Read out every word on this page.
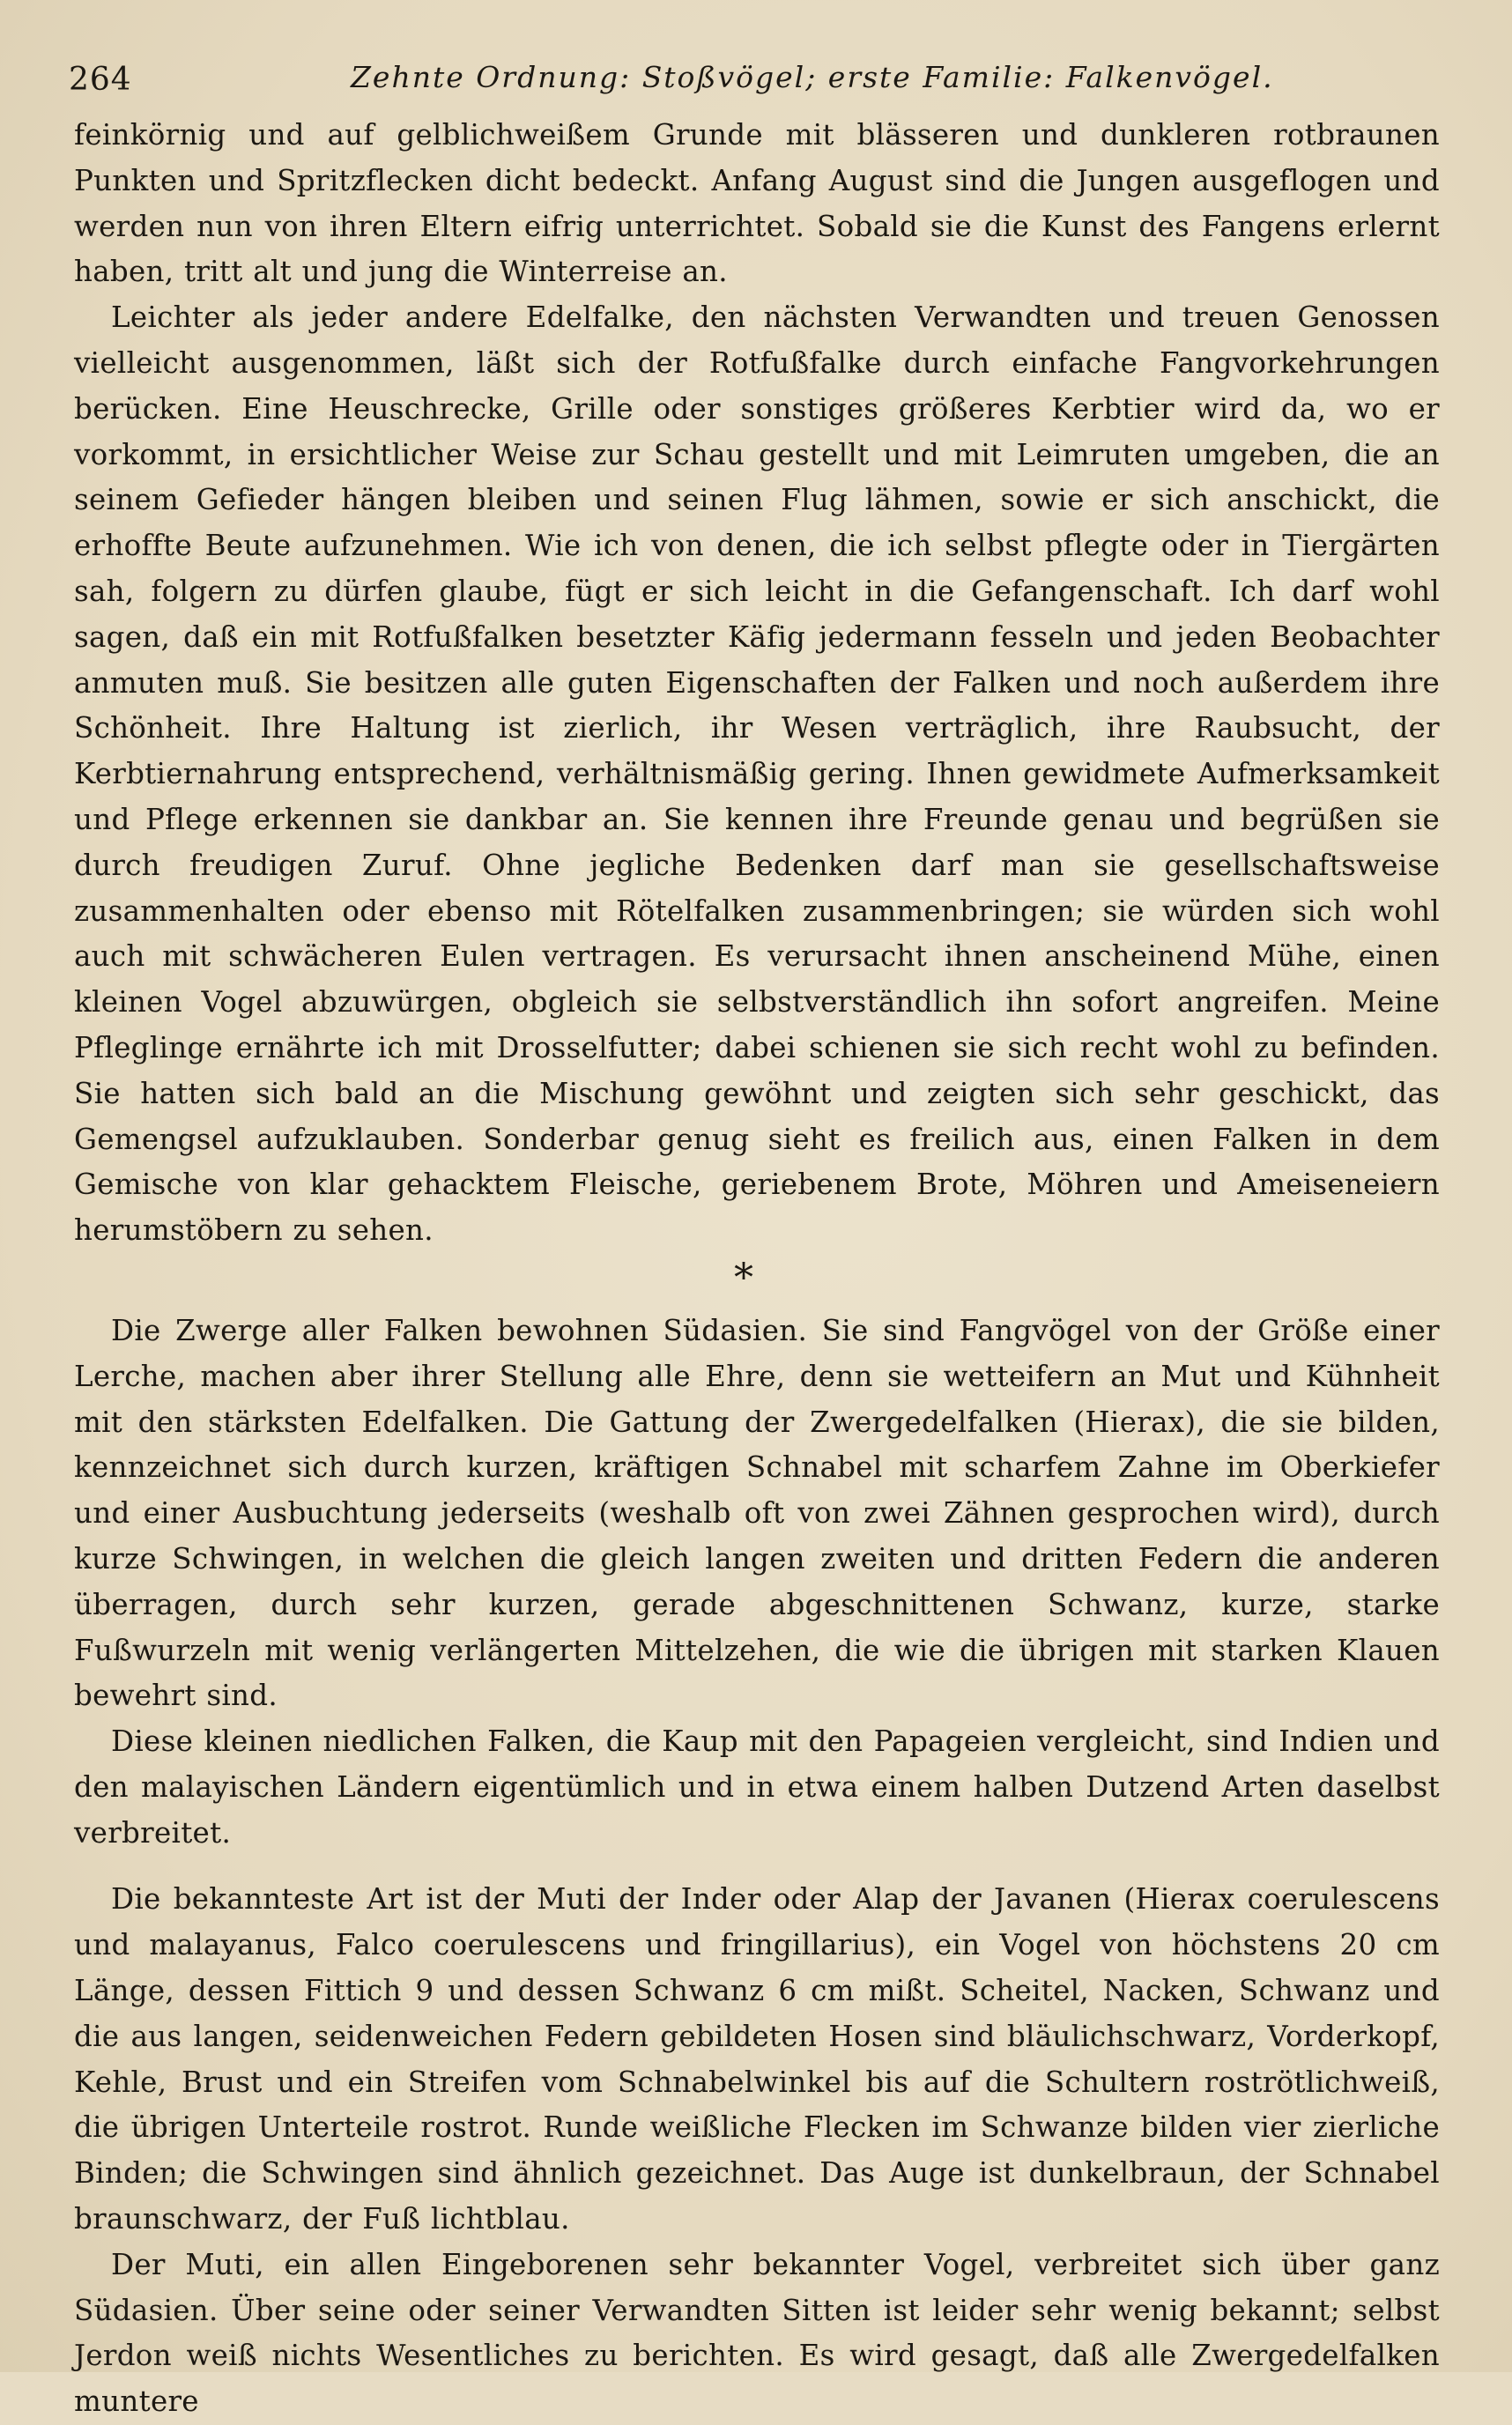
264	Zehnte Ordnung: Stoßvögel; erste Familie: Falkenvögel.

feinkörnig und auf gelblichweißem Grunde mit blässeren und dunkleren rotbraunen Punkten und Spritzflecken dicht bedeckt. Anfang August sind die Jungen ausgeflogen und werden nun von ihren Eltern eifrig unterrichtet. Sobald sie die Kunst des Fangens erlernt haben, tritt alt und jung die Winterreise an.

Leichter als jeder andere Edelfalke, den nächsten Verwandten und treuen Genossen vielleicht ausgenommen, läßt sich der Rotfußfalke durch einfache Fangvorkehrungen berücken. Eine Heuschrecke, Grille oder sonstiges größeres Kerbtier wird da, wo er vorkommt, in ersichtlicher Weise zur Schau gestellt und mit Leimruten umgeben, die an seinem Gefieder hängen bleiben und seinen Flug lähmen, sowie er sich anschickt, die erhoffte Beute aufzunehmen. Wie ich von denen, die ich selbst pflegte oder in Tiergärten sah, folgern zu dürfen glaube, fügt er sich leicht in die Gefangenschaft. Ich darf wohl sagen, daß ein mit Rotfußfalken besetzter Käfig jedermann fesseln und jeden Beobachter anmuten muß. Sie besitzen alle guten Eigenschaften der Falken und noch außerdem ihre Schönheit. Ihre Haltung ist zierlich, ihr Wesen verträglich, ihre Raubsucht, der Kerbtiernahrung entsprechend, verhältnismäßig gering. Ihnen gewidmete Aufmerksamkeit und Pflege erkennen sie dankbar an. Sie kennen ihre Freunde genau und begrüßen sie durch freudigen Zuruf. Ohne jegliche Bedenken darf man sie gesellschaftsweise zusammenhalten oder ebenso mit Rötelfalken zusammenbringen; sie würden sich wohl auch mit schwächeren Eulen vertragen. Es verursacht ihnen anscheinend Mühe, einen kleinen Vogel abzuwürgen, obgleich sie selbstverständlich ihn sofort angreifen. Meine Pfleglinge ernährte ich mit Drosselfutter; dabei schienen sie sich recht wohl zu befinden. Sie hatten sich bald an die Mischung gewöhnt und zeigten sich sehr geschickt, das Gemengsel aufzuklauben. Sonderbar genug sieht es freilich aus, einen Falken in dem Gemische von klar gehacktem Fleische, geriebenem Brote, Möhren und Ameiseneiern herumstöbern zu sehen.

*

Die Zwerge aller Falken bewohnen Südasien. Sie sind Fangvögel von der Größe einer Lerche, machen aber ihrer Stellung alle Ehre, denn sie wetteifern an Mut und Kühnheit mit den stärksten Edelfalken. Die Gattung der Zwergedelfalken (Hierax), die sie bilden, kennzeichnet sich durch kurzen, kräftigen Schnabel mit scharfem Zahne im Oberkiefer und einer Ausbuchtung jederseits (weshalb oft von zwei Zähnen gesprochen wird), durch kurze Schwingen, in welchen die gleich langen zweiten und dritten Federn die anderen überragen, durch sehr kurzen, gerade abgeschnittenen Schwanz, kurze, starke Fußwurzeln mit wenig verlängerten Mittelzehen, die wie die übrigen mit starken Klauen bewehrt sind.

Diese kleinen niedlichen Falken, die Kaup mit den Papageien vergleicht, sind Indien und den malayischen Ländern eigentümlich und in etwa einem halben Dutzend Arten daselbst verbreitet.

Die bekannteste Art ist der Muti der Inder oder Alap der Javanen (Hierax coerulescens und malayanus, Falco coerulescens und fringillarius), ein Vogel von höchstens 20 cm Länge, dessen Fittich 9 und dessen Schwanz 6 cm mißt. Scheitel, Nacken, Schwanz und die aus langen, seidenweichen Federn gebildeten Hosen sind bläulichschwarz, Vorderkopf, Kehle, Brust und ein Streifen vom Schnabelwinkel bis auf die Schultern roströtlichweiß, die übrigen Unterteile rostrot. Runde weißliche Flecken im Schwanze bilden vier zierliche Binden; die Schwingen sind ähnlich gezeichnet. Das Auge ist dunkelbraun, der Schnabel braunschwarz, der Fuß lichtblau.

Der Muti, ein allen Eingeborenen sehr bekannter Vogel, verbreitet sich über ganz Südasien. Über seine oder seiner Verwandten Sitten ist leider sehr wenig bekannt; selbst Jerdon weiß nichts Wesentliches zu berichten. Es wird gesagt, daß alle Zwergedelfalken muntere
